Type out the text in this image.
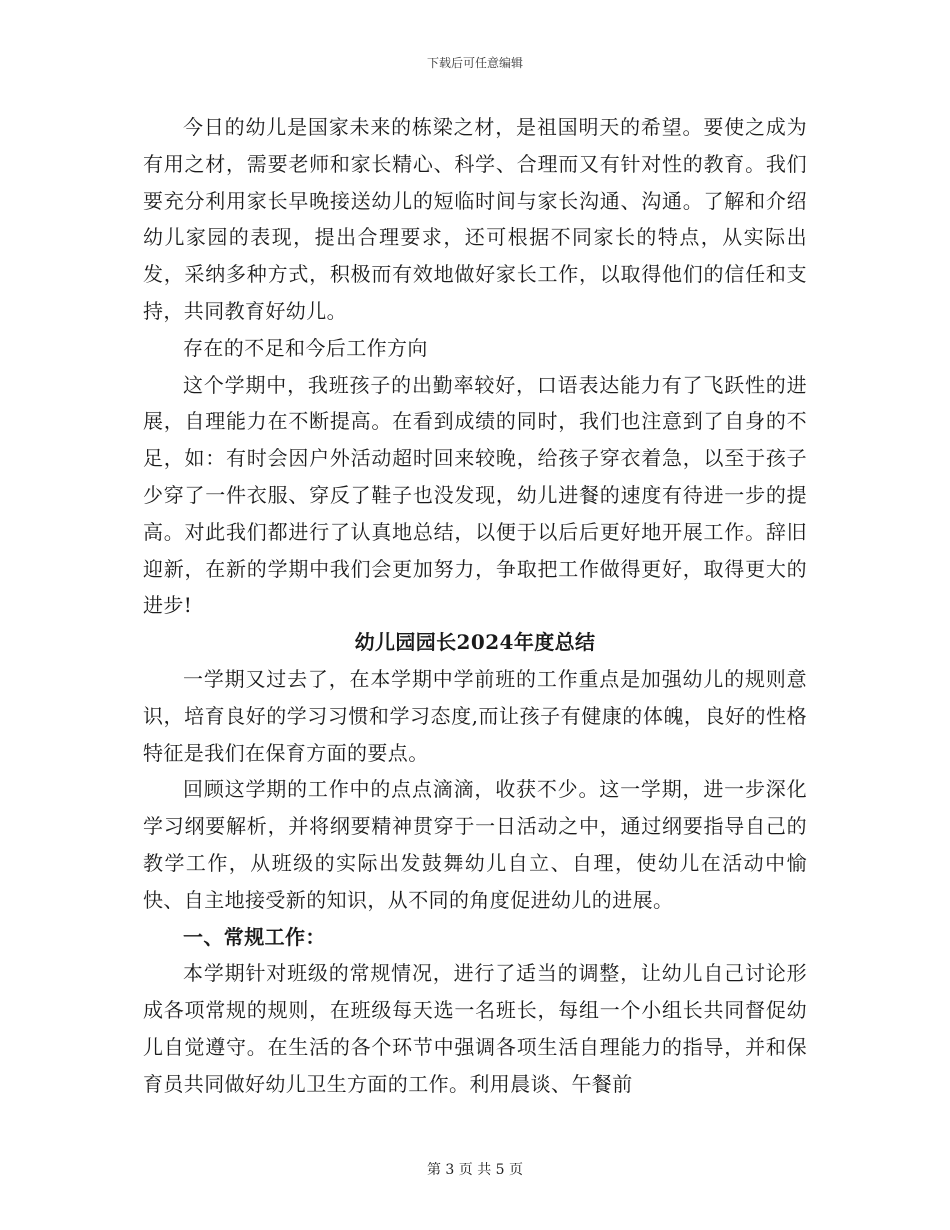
下载后可任意编辑

今日的幼儿是国家未来的栋梁之材，是祖国明天的希望。要使之成为有用之材，需要老师和家长精心、科学、合理而又有针对性的教育。我们要充分利用家长早晚接送幼儿的短临时间与家长沟通、沟通。了解和介绍幼儿家园的表现，提出合理要求，还可根据不同家长的特点，从实际出发，采纳多种方式，积极而有效地做好家长工作，以取得他们的信任和支持，共同教育好幼儿。

存在的不足和今后工作方向

这个学期中，我班孩子的出勤率较好，口语表达能力有了飞跃性的进展，自理能力在不断提高。在看到成绩的同时，我们也注意到了自身的不足，如：有时会因户外活动超时回来较晚，给孩子穿衣着急，以至于孩子少穿了一件衣服、穿反了鞋子也没发现，幼儿进餐的速度有待进一步的提高。对此我们都进行了认真地总结，以便于以后后更好地开展工作。辞旧迎新，在新的学期中我们会更加努力，争取把工作做得更好，取得更大的进步!

幼儿园园长2024年度总结

一学期又过去了，在本学期中学前班的工作重点是加强幼儿的规则意识，培育良好的学习习惯和学习态度,而让孩子有健康的体魄，良好的性格特征是我们在保育方面的要点。

回顾这学期的工作中的点点滴滴，收获不少。这一学期，进一步深化学习纲要解析，并将纲要精神贯穿于一日活动之中，通过纲要指导自己的教学工作，从班级的实际出发鼓舞幼儿自立、自理，使幼儿在活动中愉快、自主地接受新的知识，从不同的角度促进幼儿的进展。

一、常规工作：

本学期针对班级的常规情况，进行了适当的调整，让幼儿自己讨论形成各项常规的规则，在班级每天选一名班长，每组一个小组长共同督促幼儿自觉遵守。在生活的各个环节中强调各项生活自理能力的指导，并和保育员共同做好幼儿卫生方面的工作。利用晨谈、午餐前

第 3 页 共 5 页
